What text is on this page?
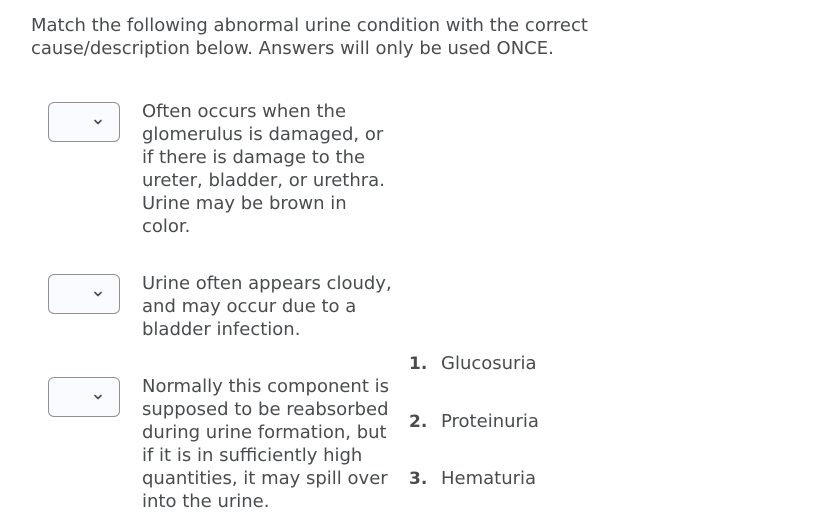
Match the following abnormal urine condition with the correct cause/description below. Answers will only be used ONCE.
Often occurs when the glomerulus is damaged, or if there is damage to the ureter, bladder, or urethra. Urine may be brown in color.
Urine often appears cloudy, and may occur due to a bladder infection.
Normally this component is supposed to be reabsorbed during urine formation, but if it is in sufficiently high quantities, it may spill over into the urine.
1. Glucosuria
2. Proteinuria
3. Hematuria
